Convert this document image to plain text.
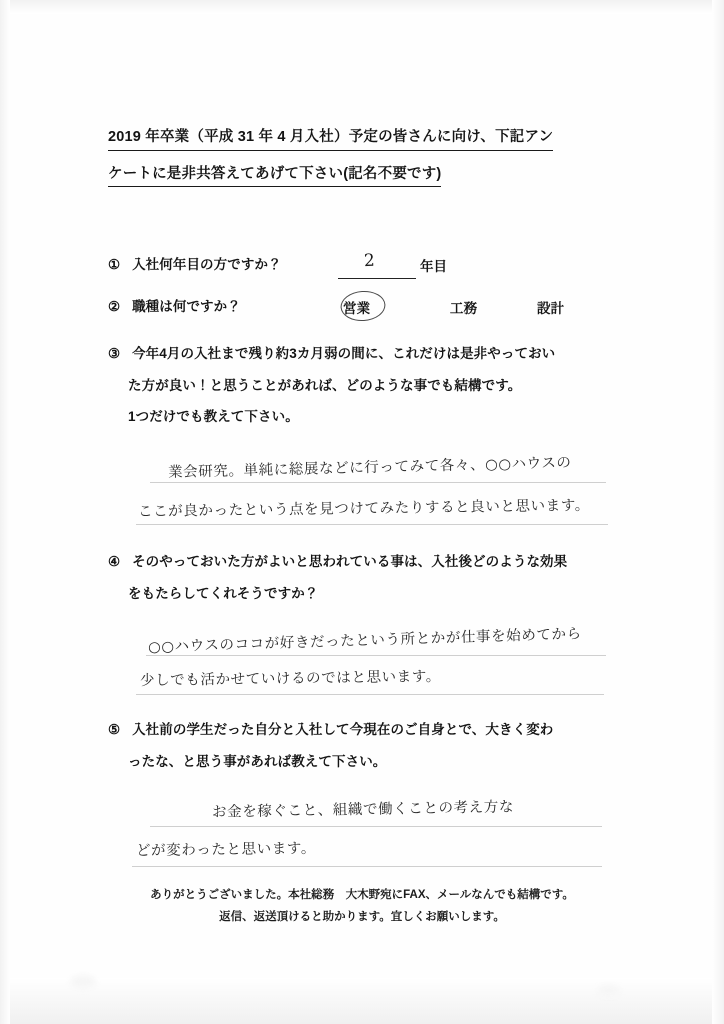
2019 年卒業（平成 31 年 4 月入社）予定の皆さんに向け、下記アン
ケートに是非共答えてあげて下さい(記名不要です)
① 入社何年目の方ですか？	2	年目
② 職種は何ですか？	営業	工務	設計
③ 今年4月の入社まで残り約3カ月弱の間に、これだけは是非やっておい
た方が良い！と思うことがあれば、どのような事でも結構です。
1つだけでも教えて下さい。
業会研究。単純に総展などに行ってみて各々、○○ハウスの
ここが良かったという点を見つけてみたりすると良いと思います。
④ そのやっておいた方がよいと思われている事は、入社後どのような効果
をもたらしてくれそうですか？
○○ハウスのココが好きだったという所とかが仕事を始めてから
少しでも活かせていけるのではと思います。
⑤ 入社前の学生だった自分と入社して今現在のご自身とで、大きく変わ
ったな、と思う事があれば教えて下さい。
お金を稼ぐこと、組織で働くことの考え方な
どが変わったと思います。
ありがとうございました。本社総務　大木野宛にFAX、メールなんでも結構です。
返信、返送頂けると助かります。宜しくお願いします。
